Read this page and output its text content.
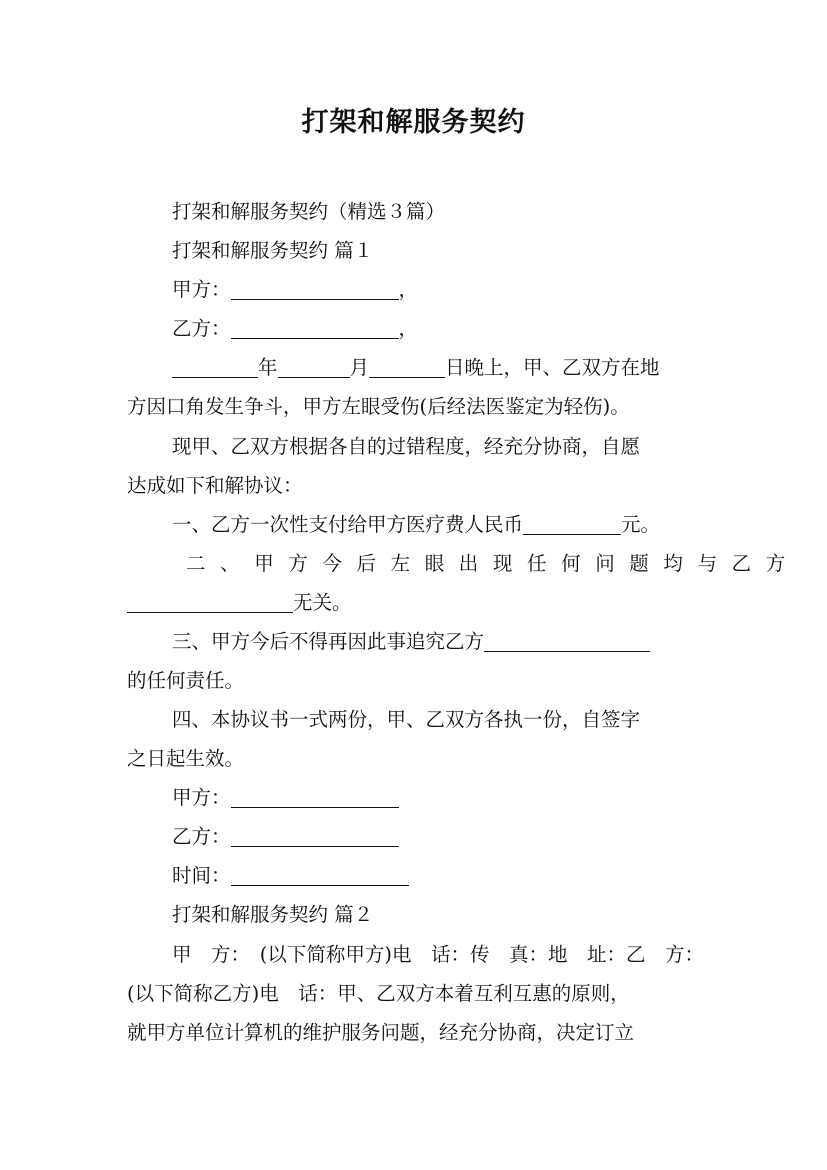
打架和解服务契约
打架和解服务契约（精选３篇）
打架和解服务契约 篇１
甲方：	，
乙方：	，
年	月	日晚上，甲、乙双方在地
方因口角发生争斗，甲方左眼受伤(后经法医鉴定为轻伤)。
现甲、乙双方根据各自的过错程度，经充分协商，自愿
达成如下和解协议：
一、乙方一次性支付给甲方医疗费人民币	元。
二、甲方今后左眼出现任何问题均与乙方
无关。
三、甲方今后不得再因此事追究乙方
的任何责任。
四、本协议书一式两份，甲、乙双方各执一份，自签字
之日起生效。
甲方：
乙方：
时间：
打架和解服务契约 篇２
甲　方：　(以下简称甲方)电　话：传　真：地　址：乙　方：
(以下简称乙方)电　话：甲、乙双方本着互利互惠的原则，
就甲方单位计算机的维护服务问题，经充分协商，决定订立
